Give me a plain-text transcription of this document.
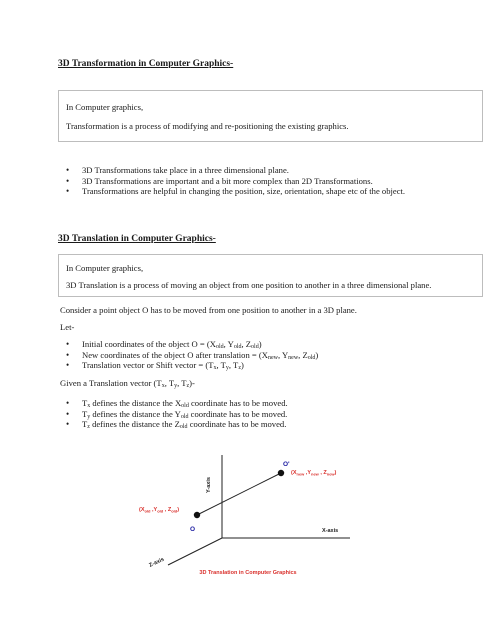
3D Transformation in Computer Graphics-
In Computer graphics,
Transformation is a process of modifying and re-positioning the existing graphics.
• 3D Transformations take place in a three dimensional plane.
• 3D Transformations are important and a bit more complex than 2D Transformations.
• Transformations are helpful in changing the position, size, orientation, shape etc of the object.
3D Translation in Computer Graphics-
In Computer graphics,
3D Translation is a process of moving an object from one position to another in a three dimensional plane.
Consider a point object O has to be moved from one position to another in a 3D plane.
Let-
• Initial coordinates of the object $O = (X_{old}$, $Y_{old}$, $Z_{old}$)
• New coordinates of the object O after translation = ($X_{new}$, $Y_{new}$, $Z_{old}$)
• Translation vector or Shift vector = ($T_x$, $T_y$, $T_z$)
Given a Translation vector ($T_x$, $T_y$, $T_z)-$
• $T_x$ defines the distance the $X_{old}$ coordinate has to be moved.
• $T_y$ defines the distance the $Y_{old}$ coordinate has to be moved.
• $T_z$ defines the distance the $Z_{old}$ coordinate has to be moved.
Y-axis
X-axis
Z-axis
O
O'
($X_{old}$ $,Y_{old}$ , $Z_{old}$)
($X_{new}$ $,Y_{new}$ , $Z_{new}$)
3D Translation in Computer Graphics
